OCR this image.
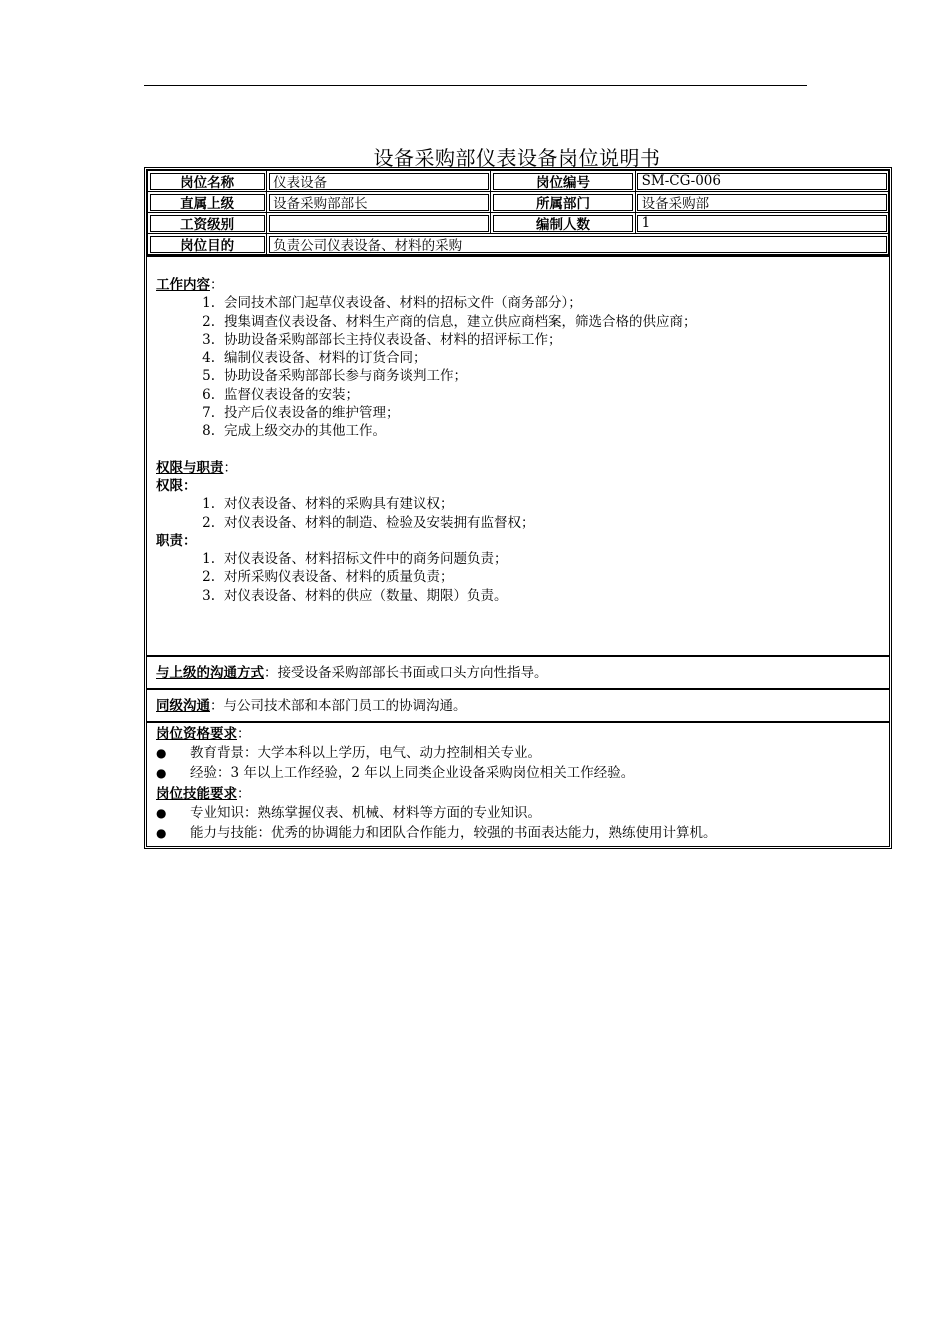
设备采购部仪表设备岗位说明书
岗位名称	仪表设备	岗位编号	SM-CG-006
直属上级	设备采购部部长	所属部门	设备采购部
工资级别		编制人数	1
岗位目的	负责公司仪表设备、材料的采购		
工作内容：
1. 会同技术部门起草仪表设备、材料的招标文件（商务部分）；
2. 搜集调查仪表设备、材料生产商的信息，建立供应商档案，筛选合格的供应商；
3. 协助设备采购部部长主持仪表设备、材料的招评标工作；
4. 编制仪表设备、材料的订货合同；
5. 协助设备采购部部长参与商务谈判工作；
6. 监督仪表设备的安装；
7. 投产后仪表设备的维护管理；
8. 完成上级交办的其他工作。
权限与职责：
权限：
1. 对仪表设备、材料的采购具有建议权；
2. 对仪表设备、材料的制造、检验及安装拥有监督权；
职责：
1. 对仪表设备、材料招标文件中的商务问题负责；
2. 对所采购仪表设备、材料的质量负责；
3. 对仪表设备、材料的供应（数量、期限）负责。
与上级的沟通方式：接受设备采购部部长书面或口头方向性指导。
同级沟通：与公司技术部和本部门员工的协调沟通。
岗位资格要求：
●	教育背景：大学本科以上学历，电气、动力控制相关专业。
●	经验：3 年以上工作经验，2 年以上同类企业设备采购岗位相关工作经验。
岗位技能要求：
●	专业知识：熟练掌握仪表、机械、材料等方面的专业知识。
●	能力与技能：优秀的协调能力和团队合作能力，较强的书面表达能力，熟练使用计算机。
